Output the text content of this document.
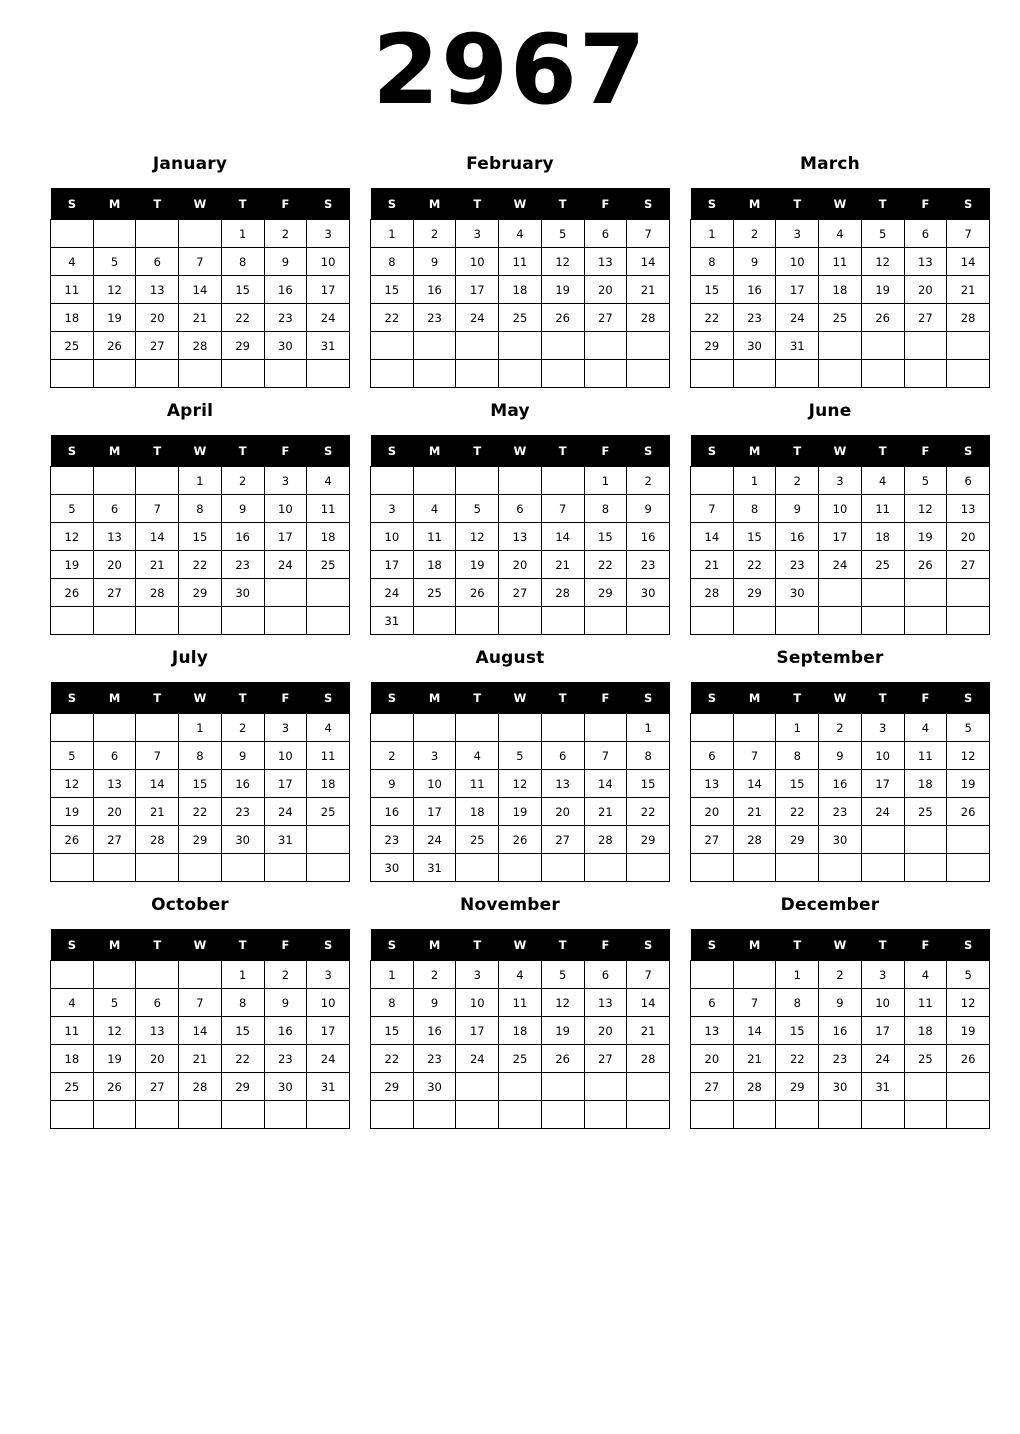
2967
January
S	M	T	W	T	F	S
				1	2	3
4	5	6	7	8	9	10
11	12	13	14	15	16	17
18	19	20	21	22	23	24
25	26	27	28	29	30	31

February
S	M	T	W	T	F	S
1	2	3	4	5	6	7
8	9	10	11	12	13	14
15	16	17	18	19	20	21
22	23	24	25	26	27	28

March
S	M	T	W	T	F	S
1	2	3	4	5	6	7
8	9	10	11	12	13	14
15	16	17	18	19	20	21
22	23	24	25	26	27	28
29	30	31				

April
S	M	T	W	T	F	S
			1	2	3	4
5	6	7	8	9	10	11
12	13	14	15	16	17	18
19	20	21	22	23	24	25
26	27	28	29	30		

May
S	M	T	W	T	F	S
					1	2
3	4	5	6	7	8	9
10	11	12	13	14	15	16
17	18	19	20	21	22	23
24	25	26	27	28	29	30
31						
June
S	M	T	W	T	F	S
	1	2	3	4	5	6
7	8	9	10	11	12	13
14	15	16	17	18	19	20
21	22	23	24	25	26	27
28	29	30				

July
S	M	T	W	T	F	S
			1	2	3	4
5	6	7	8	9	10	11
12	13	14	15	16	17	18
19	20	21	22	23	24	25
26	27	28	29	30	31	

August
S	M	T	W	T	F	S
						1
2	3	4	5	6	7	8
9	10	11	12	13	14	15
16	17	18	19	20	21	22
23	24	25	26	27	28	29
30	31					
September
S	M	T	W	T	F	S
		1	2	3	4	5
6	7	8	9	10	11	12
13	14	15	16	17	18	19
20	21	22	23	24	25	26
27	28	29	30			

October
S	M	T	W	T	F	S
				1	2	3
4	5	6	7	8	9	10
11	12	13	14	15	16	17
18	19	20	21	22	23	24
25	26	27	28	29	30	31

November
S	M	T	W	T	F	S
1	2	3	4	5	6	7
8	9	10	11	12	13	14
15	16	17	18	19	20	21
22	23	24	25	26	27	28
29	30					

December
S	M	T	W	T	F	S
		1	2	3	4	5
6	7	8	9	10	11	12
13	14	15	16	17	18	19
20	21	22	23	24	25	26
27	28	29	30	31		
